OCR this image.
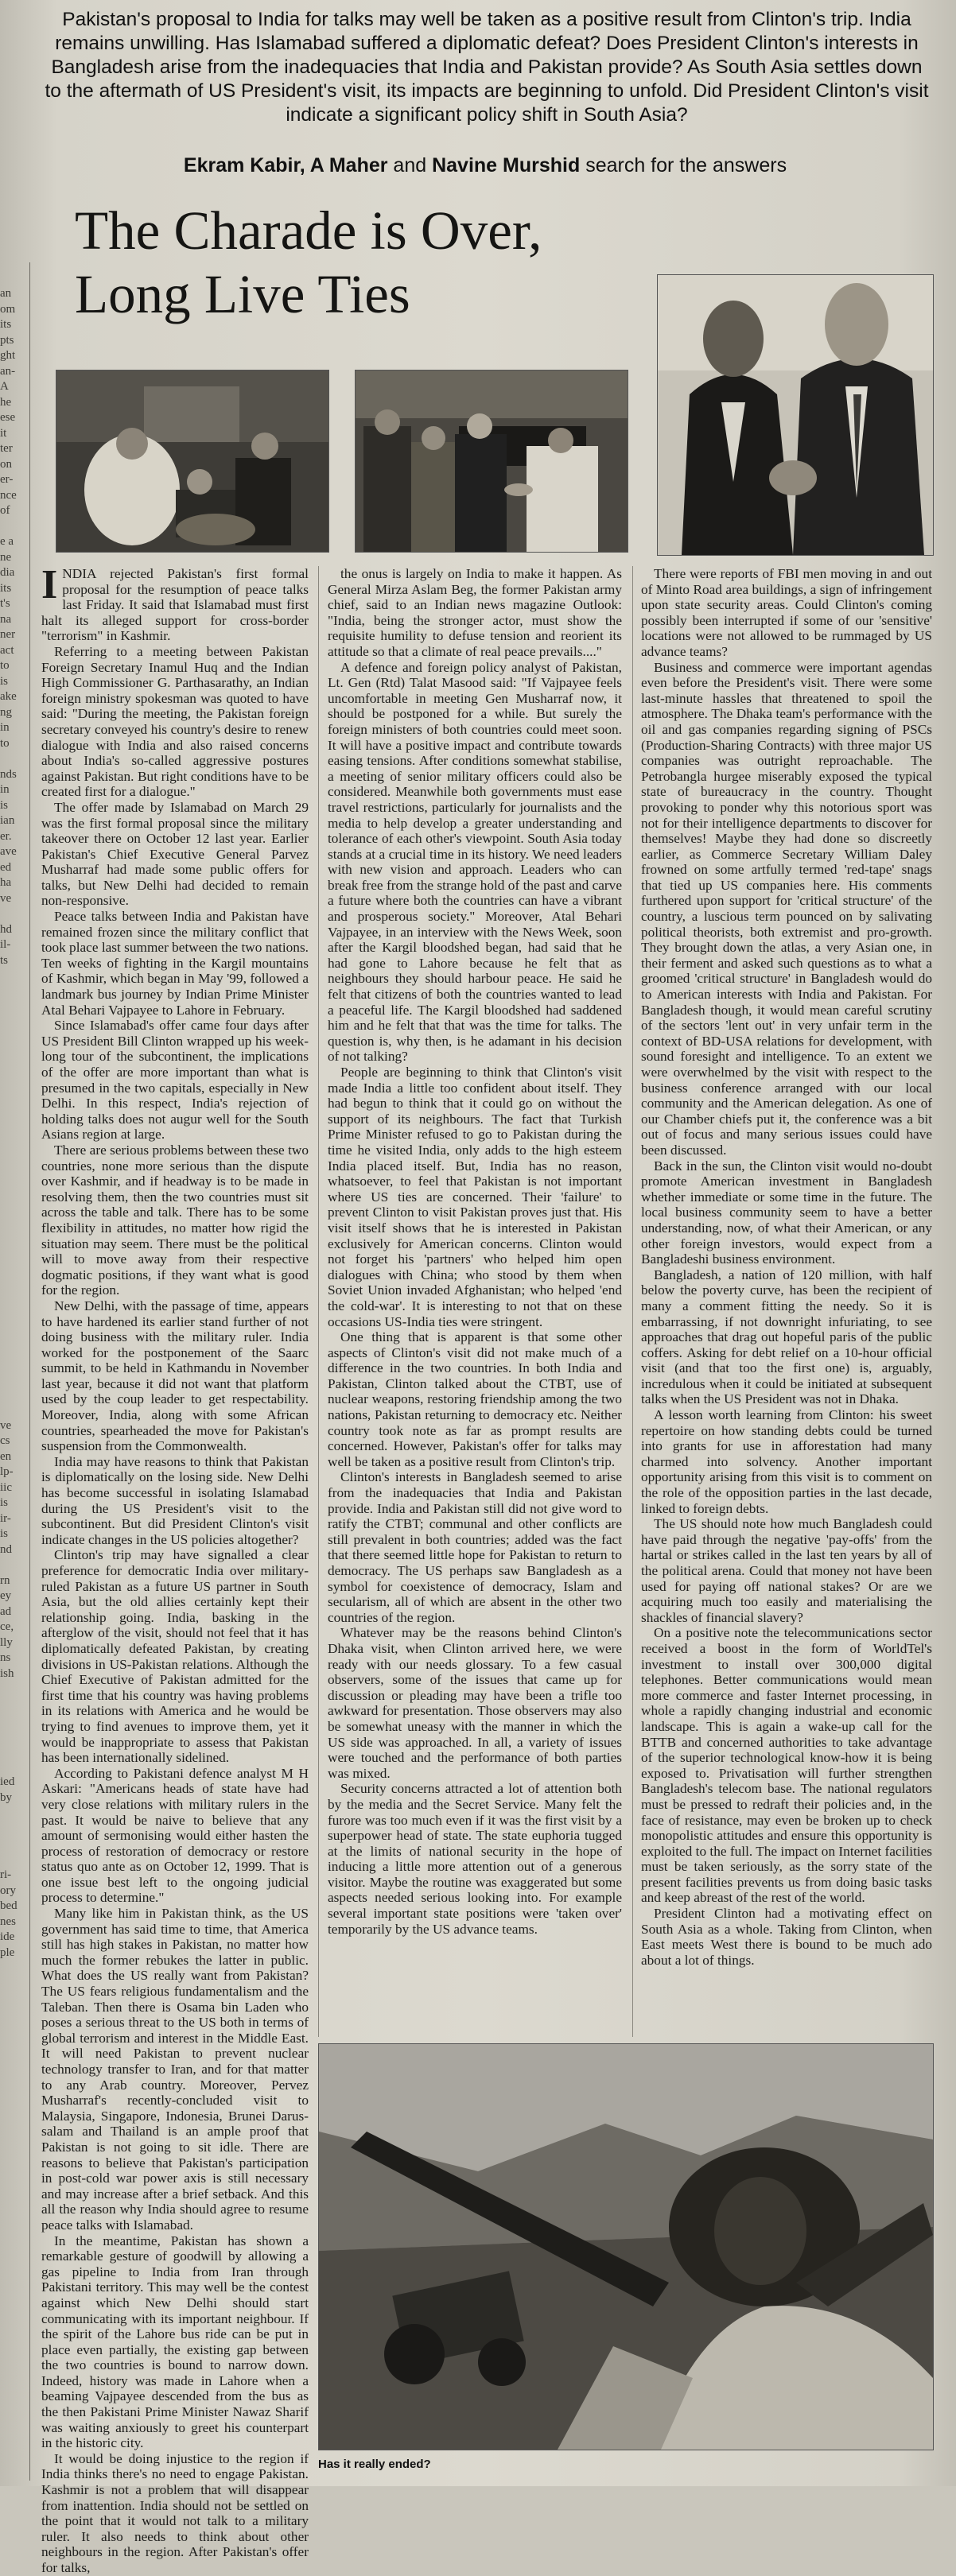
an
om
its
pts
ght
an-
A
he
ese
it
ter
on
er-
nce
of

e a
ne
dia
its
t's
na
ner
act
to
is
ake
ng
in
to

nds
in
is
ian
er.
ave
ed
ha
ve

hd
il-
ts

ve
cs
en
lp-
iic
is
ir-
is
nd

rn
ey
ad
ce,
lly
ns
ish

ied
by

ri-
ory
bed
nes
ide
ple
Pakistan's proposal to India for talks may well be taken as a positive result from Clinton's trip. India remains unwilling. Has Islamabad suffered a diplomatic defeat? Does President Clinton's interests in Bangladesh arise from the inadequacies that India and Pakistan provide? As South Asia settles down to the aftermath of US President's visit, its impacts are beginning to unfold. Did President Clinton's visit indicate a significant policy shift in South Asia?
Ekram Kabir, A Maher and Navine Murshid search for the answers
The Charade is Over,
Long Live Ties
Has it really ended?

INDIA rejected Pakistan's first formal proposal for the resumption of peace talks last Friday. It said that Islamabad must first halt its alleged support for cross-border "terrorism" in Kashmir.

Referring to a meeting between Pakistan Foreign Secretary Inamul Huq and the Indian High Commissioner G. Parthasarathy, an Indian foreign ministry spokesman was quoted to have said: "During the meeting, the Pakistan foreign secretary conveyed his country's desire to renew dialogue with India and also raised concerns about India's so-called aggressive postures against Pakistan. But right conditions have to be created first for a dialogue."

The offer made by Islamabad on March 29 was the first formal proposal since the military takeover there on October 12 last year. Earlier Pakistan's Chief Executive General Parvez Musharraf had made some public offers for talks, but New Delhi had decided to remain non-responsive.

Peace talks between India and Pakistan have remained frozen since the military conflict that took place last summer between the two nations. Ten weeks of fighting in the Kargil mountains of Kashmir, which began in May '99, followed a landmark bus journey by Indian Prime Minister Atal Behari Vajpayee to Lahore in February.

Since Islamabad's offer came four days after US President Bill Clinton wrapped up his week-long tour of the subcontinent, the implications of the offer are more important than what is presumed in the two capitals, especially in New Delhi. In this respect, India's rejection of holding talks does not augur well for the South Asians region at large.

There are serious problems between these two countries, none more serious than the dispute over Kashmir, and if headway is to be made in resolving them, then the two countries must sit across the table and talk. There has to be some flexibility in attitudes, no matter how rigid the situation may seem. There must be the political will to move away from their respective dogmatic positions, if they want what is good for the region.

New Delhi, with the passage of time, appears to have hardened its earlier stand further of not doing business with the military ruler. India worked for the postponement of the Saarc summit, to be held in Kathmandu in November last year, because it did not want that platform used by the coup leader to get respectability. Moreover, India, along with some African countries, spearheaded the move for Pakistan's suspension from the Commonwealth.

India may have reasons to think that Pakistan is diplomatically on the losing side. New Delhi has become successful in isolating Islamabad during the US President's visit to the subcontinent. But did President Clinton's visit indicate changes in the US policies altogether?

Clinton's trip may have signalled a clear preference for democratic India over military-ruled Pakistan as a future US partner in South Asia, but the old allies certainly kept their relationship going. India, basking in the afterglow of the visit, should not feel that it has diplomatically defeated Pakistan, by creating divisions in US-Pakistan relations. Although the Chief Executive of Pakistan admitted for the first time that his country was having problems in its relations with America and he would be trying to find avenues to improve them, yet it would be inappropriate to assess that Pakistan has been internationally sidelined.

According to Pakistani defence analyst M H Askari: "Americans heads of state have had very close relations with military rulers in the past. It would be naive to believe that any amount of sermonising would either hasten the process of restoration of democracy or restore status quo ante as on October 12, 1999. That is one issue best left to the ongoing judicial process to determine."

Many like him in Pakistan think, as the US government has said time to time, that America still has high stakes in Pakistan, no matter how much the former rebukes the latter in public. What does the US really want from Pakistan? The US fears religious fundamentalism and the Taleban. Then there is Osama bin Laden who poses a serious threat to the US both in terms of global terrorism and interest in the Middle East. It will need Pakistan to prevent nuclear technology transfer to Iran, and for that matter to any Arab country. Moreover, Pervez Musharraf's recently-concluded visit to Malaysia, Singapore, Indonesia, Brunei Darus-salam and Thailand is an ample proof that Pakistan is not going to sit idle. There are reasons to believe that Pakistan's participation in post-cold war power axis is still necessary and may increase after a brief setback. And this all the reason why India should agree to resume peace talks with Islamabad.

In the meantime, Pakistan has shown a remarkable gesture of goodwill by allowing a gas pipeline to India from Iran through Pakistani territory. This may well be the contest against which New Delhi should start communicating with its important neighbour. If the spirit of the Lahore bus ride can be put in place even partially, the existing gap between the two countries is bound to narrow down. Indeed, history was made in Lahore when a beaming Vajpayee descended from the bus as the then Pakistani Prime Minister Nawaz Sharif was waiting anxiously to greet his counterpart in the historic city.

It would be doing injustice to the region if India thinks there's no need to engage Pakistan. Kashmir is not a problem that will disappear from inattention. India should not be settled on the point that it would not talk to a military ruler. It also needs to think about other neighbours in the region. After Pakistan's offer for talks,

the onus is largely on India to make it happen. As General Mirza Aslam Beg, the former Pakistan army chief, said to an Indian news magazine Outlook: "India, being the stronger actor, must show the requisite humility to defuse tension and reorient its attitude so that a climate of real peace prevails...."

A defence and foreign policy analyst of Pakistan, Lt. Gen (Rtd) Talat Masood said: "If Vajpayee feels uncomfortable in meeting Gen Musharraf now, it should be postponed for a while. But surely the foreign ministers of both countries could meet soon. It will have a positive impact and contribute towards easing tensions. After conditions somewhat stabilise, a meeting of senior military officers could also be considered. Meanwhile both governments must ease travel restrictions, particularly for journalists and the media to help develop a greater understanding and tolerance of each other's viewpoint. South Asia today stands at a crucial time in its history. We need leaders with new vision and approach. Leaders who can break free from the strange hold of the past and carve a future where both the countries can have a vibrant and prosperous society." Moreover, Atal Behari Vajpayee, in an interview with the News Week, soon after the Kargil bloodshed began, had said that he had gone to Lahore because he felt that as neighbours they should harbour peace. He said he felt that citizens of both the countries wanted to lead a peaceful life. The Kargil bloodshed had saddened him and he felt that that was the time for talks. The question is, why then, is he adamant in his decision of not talking?

People are beginning to think that Clinton's visit made India a little too confident about itself. They had begun to think that it could go on without the support of its neighbours. The fact that Turkish Prime Minister refused to go to Pakistan during the time he visited India, only adds to the high esteem India placed itself. But, India has no reason, whatsoever, to feel that Pakistan is not important where US ties are concerned. Their 'failure' to prevent Clinton to visit Pakistan proves just that. His visit itself shows that he is interested in Pakistan exclusively for American concerns. Clinton would not forget his 'partners' who helped him open dialogues with China; who stood by them when Soviet Union invaded Afghanistan; who helped 'end the cold-war'. It is interesting to not that on these occasions US-India ties were stringent.

One thing that is apparent is that some other aspects of Clinton's visit did not make much of a difference in the two countries. In both India and Pakistan, Clinton talked about the CTBT, use of nuclear weapons, restoring friendship among the two nations, Pakistan returning to democracy etc. Neither country took note as far as prompt results are concerned. However, Pakistan's offer for talks may well be taken as a positive result from Clinton's trip.

Clinton's interests in Bangladesh seemed to arise from the inadequacies that India and Pakistan provide. India and Pakistan still did not give word to ratify the CTBT; communal and other conflicts are still prevalent in both countries; added was the fact that there seemed little hope for Pakistan to return to democracy. The US perhaps saw Bangladesh as a symbol for coexistence of democracy, Islam and secularism, all of which are absent in the other two countries of the region.

Whatever may be the reasons behind Clinton's Dhaka visit, when Clinton arrived here, we were ready with our needs glossary. To a few casual observers, some of the issues that came up for discussion or pleading may have been a trifle too awkward for presentation. Those observers may also be somewhat uneasy with the manner in which the US side was approached. In all, a variety of issues were touched and the performance of both parties was mixed.

Security concerns attracted a lot of attention both by the media and the Secret Service. Many felt the furore was too much even if it was the first visit by a superpower head of state. The state euphoria tugged at the limits of national security in the hope of inducing a little more attention out of a generous visitor. Maybe the routine was exaggerated but some aspects needed serious looking into. For example several important state positions were 'taken over' temporarily by the US advance teams.

There were reports of FBI men moving in and out of Minto Road area buildings, a sign of infringement upon state security areas. Could Clinton's coming possibly been interrupted if some of our 'sensitive' locations were not allowed to be rummaged by US advance teams?

Business and commerce were important agendas even before the President's visit. There were some last-minute hassles that threatened to spoil the atmosphere. The Dhaka team's performance with the oil and gas companies regarding signing of PSCs (Production-Sharing Contracts) with three major US companies was outright reproachable. The Petrobangla hurgee miserably exposed the typical state of bureaucracy in the country. Thought provoking to ponder why this notorious sport was not for their intelligence departments to discover for themselves! Maybe they had done so discreetly earlier, as Commerce Secretary William Daley frowned on some artfully termed 'red-tape' snags that tied up US companies here. His comments furthered upon support for 'critical structure' of the country, a luscious term pounced on by salivating political theorists, both extremist and pro-growth. They brought down the atlas, a very Asian one, in their ferment and asked such questions as to what a groomed 'critical structure' in Bangladesh would do to American interests with India and Pakistan. For Bangladesh though, it would mean careful scrutiny of the sectors 'lent out' in very unfair term in the context of BD-USA relations for development, with sound foresight and intelligence. To an extent we were overwhelmed by the visit with respect to the business conference arranged with our local community and the American delegation. As one of our Chamber chiefs put it, the conference was a bit out of focus and many serious issues could have been discussed.

Back in the sun, the Clinton visit would no-doubt promote American investment in Bangladesh whether immediate or some time in the future. The local business community seem to have a better understanding, now, of what their American, or any other foreign investors, would expect from a Bangladeshi business environment.

Bangladesh, a nation of 120 million, with half below the poverty curve, has been the recipient of many a comment fitting the needy. So it is embarrassing, if not downright infuriating, to see approaches that drag out hopeful paris of the public coffers. Asking for debt relief on a 10-hour official visit (and that too the first one) is, arguably, incredulous when it could be initiated at subsequent talks when the US President was not in Dhaka.

A lesson worth learning from Clinton: his sweet repertoire on how standing debts could be turned into grants for use in afforestation had many charmed into solvency. Another important opportunity arising from this visit is to comment on the role of the opposition parties in the last decade, linked to foreign debts.

The US should note how much Bangladesh could have paid through the negative 'pay-offs' from the hartal or strikes called in the last ten years by all of the political arena. Could that money not have been used for paying off national stakes? Or are we acquiring much too easily and materialising the shackles of financial slavery?

On a positive note the telecommunications sector received a boost in the form of WorldTel's investment to install over 300,000 digital telephones. Better communications would mean more commerce and faster Internet processing, in whole a rapidly changing industrial and economic landscape. This is again a wake-up call for the BTTB and concerned authorities to take advantage of the superior technological know-how it is being exposed to. Privatisation will further strengthen Bangladesh's telecom base. The national regulators must be pressed to redraft their policies and, in the face of resistance, may even be broken up to check monopolistic attitudes and ensure this opportunity is exploited to the full. The impact on Internet facilities must be taken seriously, as the sorry state of the present facilities prevents us from doing basic tasks and keep abreast of the rest of the world.

President Clinton had a motivating effect on South Asia as a whole. Taking from Clinton, when East meets West there is bound to be much ado about a lot of things.
